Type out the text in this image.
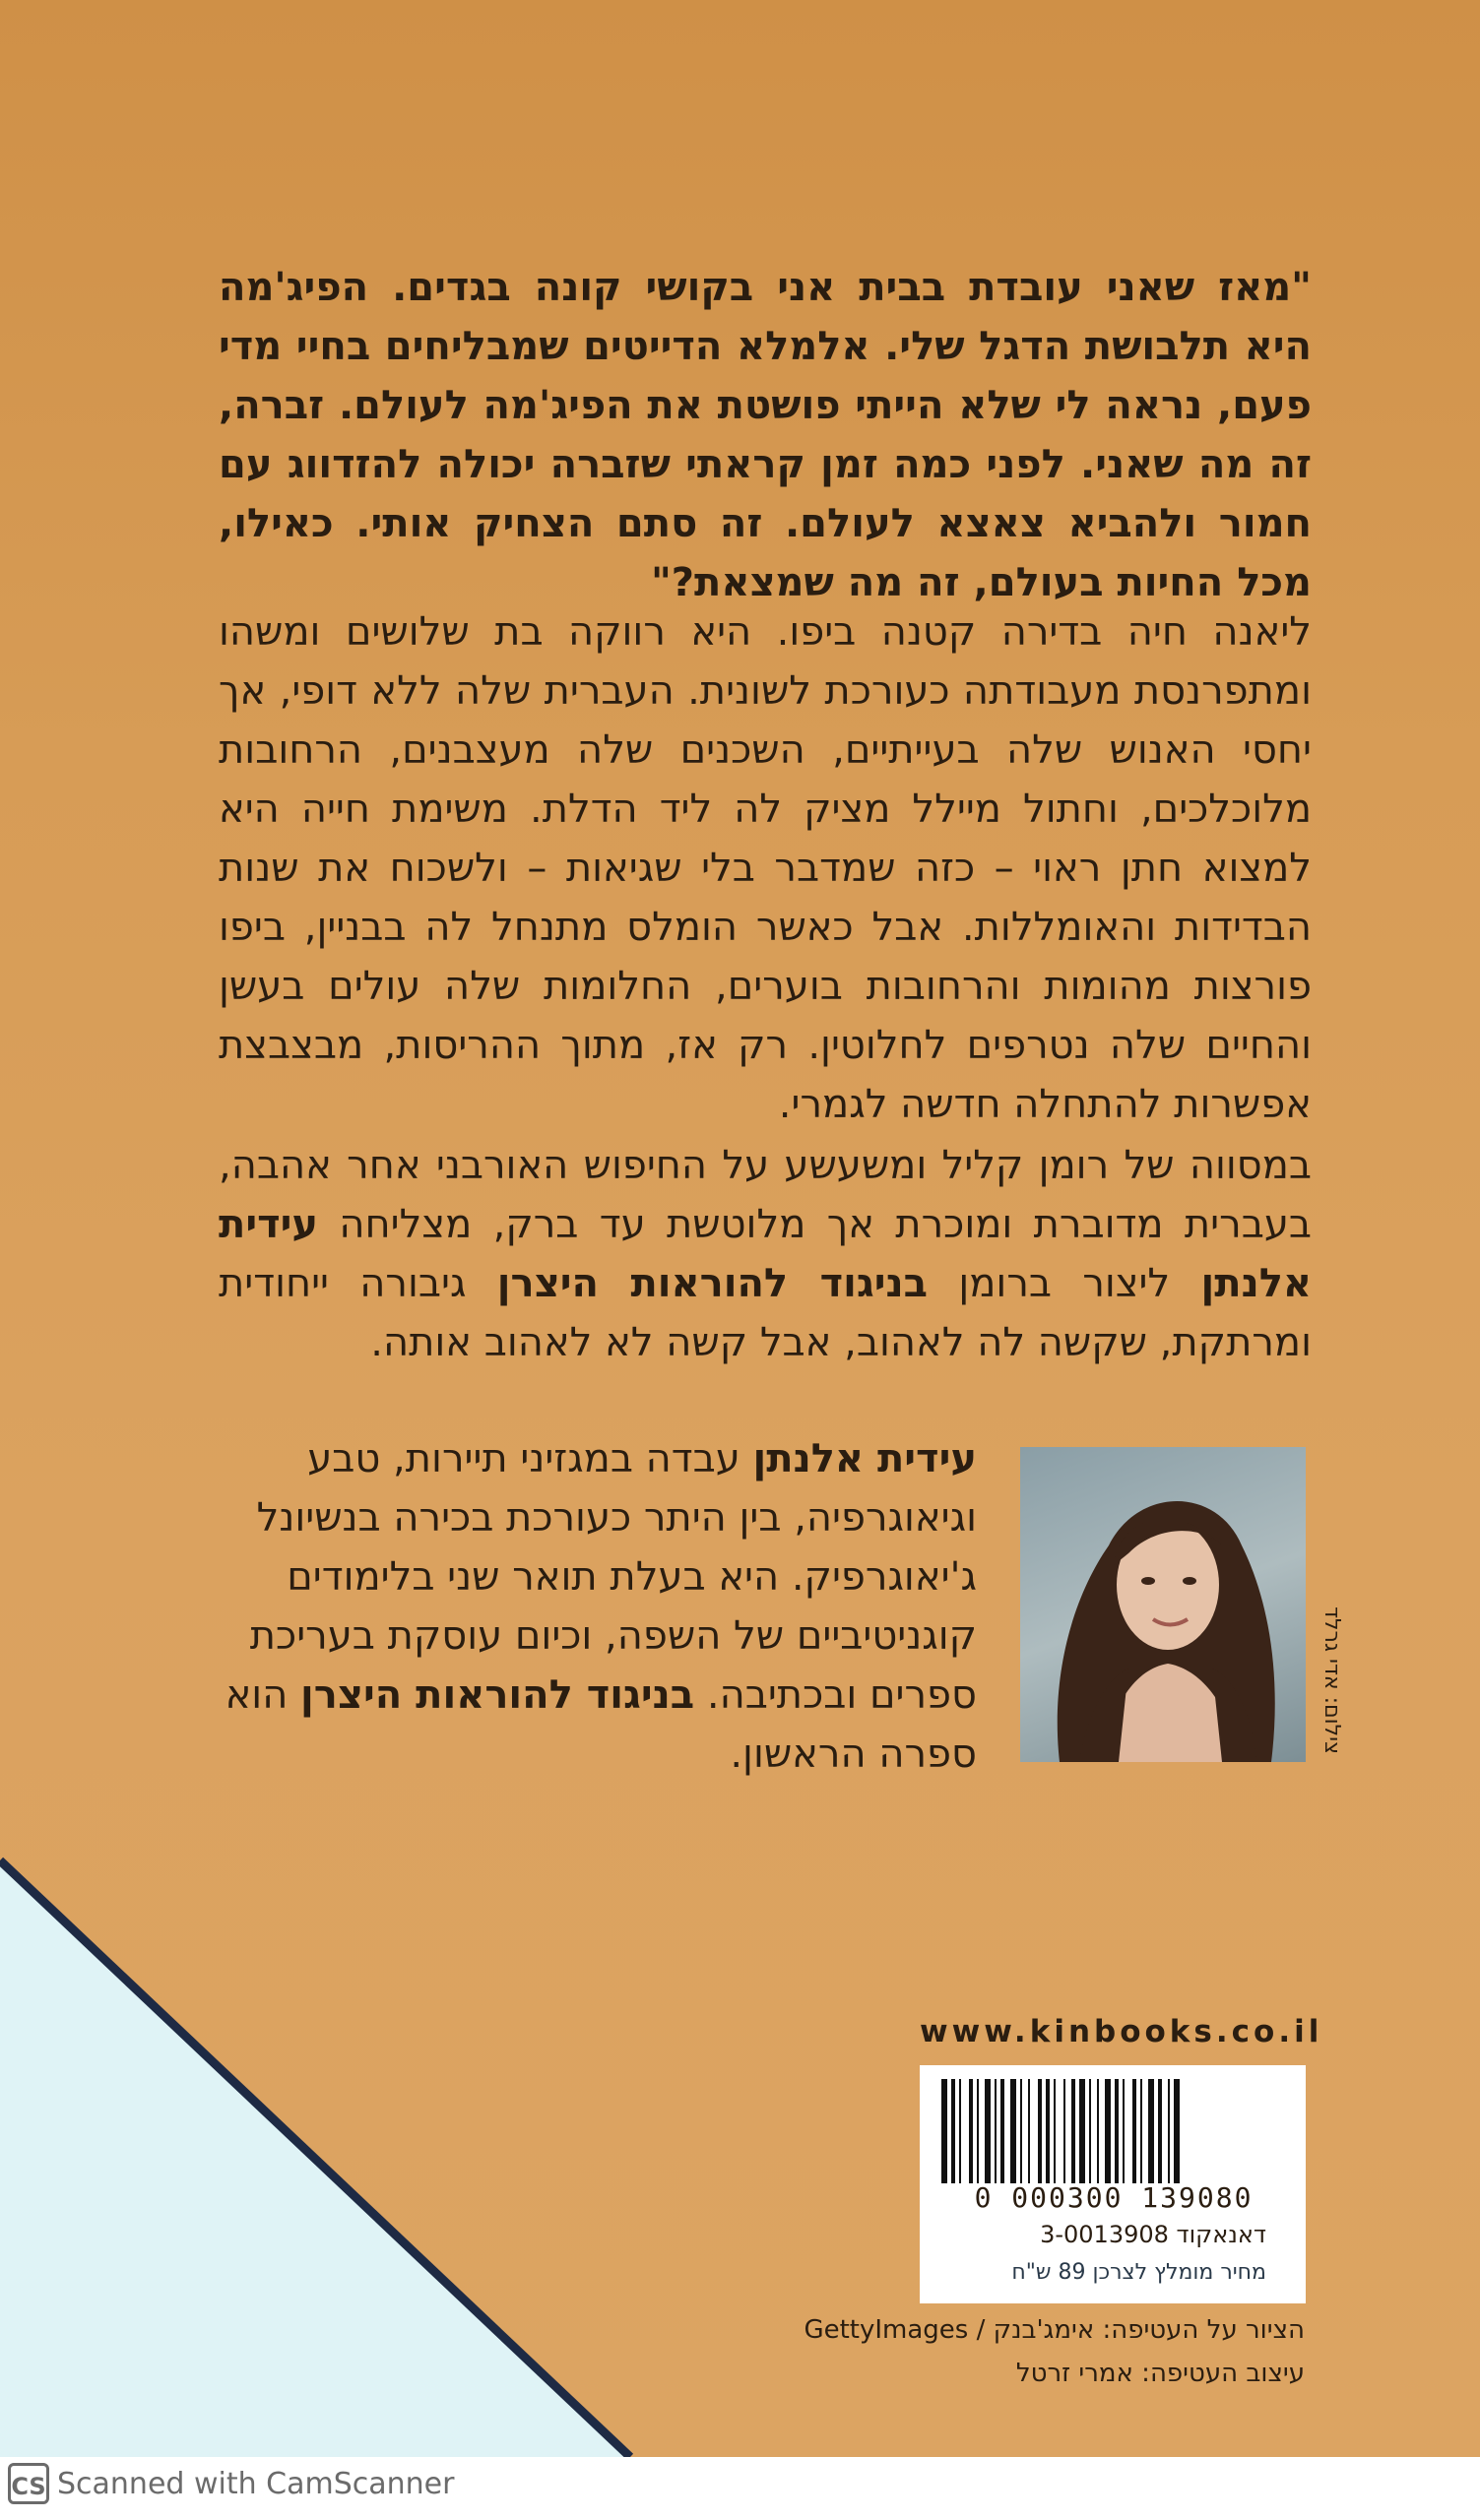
"מאז שאני עובדת בבית אני בקושי קונה בגדים. הפיג'מה היא תלבושת הדגל שלי. אלמלא הדייטים שמבליחים בחיי מדי פעם, נראה לי שלא הייתי פושטת את הפיג'מה לעולם. זברה, זה מה שאני. לפני כמה זמן קראתי שזברה יכולה להזדווג עם חמור ולהביא צאצא לעולם. זה סתם הצחיק אותי. כאילו, מכל החיות בעולם, זה מה שמצאת?"
ליאנה חיה בדירה קטנה ביפו. היא רווקה בת שלושים ומשהו ומתפרנסת מעבודתה כעורכת לשונית. העברית שלה ללא דופי, אך יחסי האנוש שלה בעייתיים, השכנים שלה מעצבנים, הרחובות מלוכלכים, וחתול מיילל מציק לה ליד הדלת. משימת חייה היא למצוא חתן ראוי – כזה שמדבר בלי שגיאות – ולשכוח את שנות הבדידות והאומללות. אבל כאשר הומלס מתנחל לה בבניין, ביפו פורצות מהומות והרחובות בוערים, החלומות שלה עולים בעשן והחיים שלה נטרפים לחלוטין. רק אז, מתוך ההריסות, מבצבצת אפשרות להתחלה חדשה לגמרי.
במסווה של רומן קליל ומשעשע על החיפוש האורבני אחר אהבה, בעברית מדוברת ומוכרת אך מלוטשת עד ברק, מצליחה עידית אלנתן ליצור ברומן בניגוד להוראות היצרן גיבורה ייחודית ומרתקת, שקשה לה לאהוב, אבל קשה לא לאהוב אותה.
עידית אלנתן עבדה במגזיני תיירות, טבע וגיאוגרפיה, בין היתר כעורכת בכירה בנשיונל ג'יאוגרפיק. היא בעלת תואר שני בלימודים קוגניטיביים של השפה, וכיום עוסקת בעריכת ספרים ובכתיבה. בניגוד להוראות היצרן הוא ספרה הראשון.	צילום: אדי גרלד
www.kinbooks.co.il
0 000300 139080
דאנאקוד 3-0013908
מחיר מומלץ לצרכן 89 ש"ח
הציור על העטיפה: אימג'בנק / GettyImages
עיצוב העטיפה: אמרי זרטל
CS Scanned with CamScanner
